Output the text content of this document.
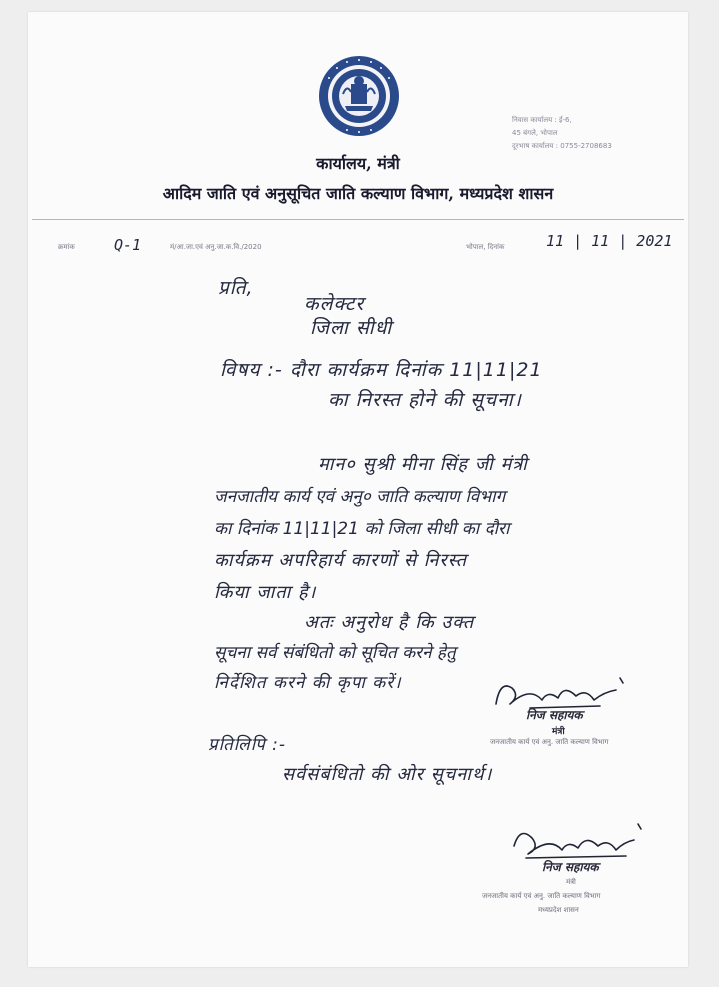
कार्यालय, मंत्री
आदिम जाति एवं अनुसूचित जाति कल्याण विभाग, मध्यप्रदेश शासन
निवास कार्यालय : ई-6,
45 बंगले, भोपाल
दूरभाष कार्यालय : 0755-2708683
क्रमांक	Q-1	मं/आ.जा.एवं अनु.जा.क.वि./2020	भोपाल, दिनांक	11 | 11 | 2021
प्रति,
कलेक्टर
जिला सीधी
विषय :- दौरा कार्यक्रम दिनांक 11|11|21
का निरस्त होने की सूचना।
मान० सुश्री मीना सिंह जी मंत्री
जनजातीय कार्य एवं अनु० जाति कल्याण विभाग
का दिनांक 11|11|21 को जिला सीधी का दौरा
कार्यक्रम अपरिहार्य कारणों से निरस्त
किया जाता है।
अतः अनुरोध है कि उक्त
सूचना सर्व संबंधितो को सूचित करने हेतु
निर्देशित करने की कृपा करें।
निज सहायक
मंत्री
जनजातीय कार्य एवं अनु. जाति कल्याण विभाग
प्रतिलिपि :-
सर्वसंबंधितो की ओर सूचनार्थ।
निज सहायक
मंत्री
जनजातीय कार्य एवं अनु. जाति कल्याण विभाग
मध्यप्रदेश शासन
